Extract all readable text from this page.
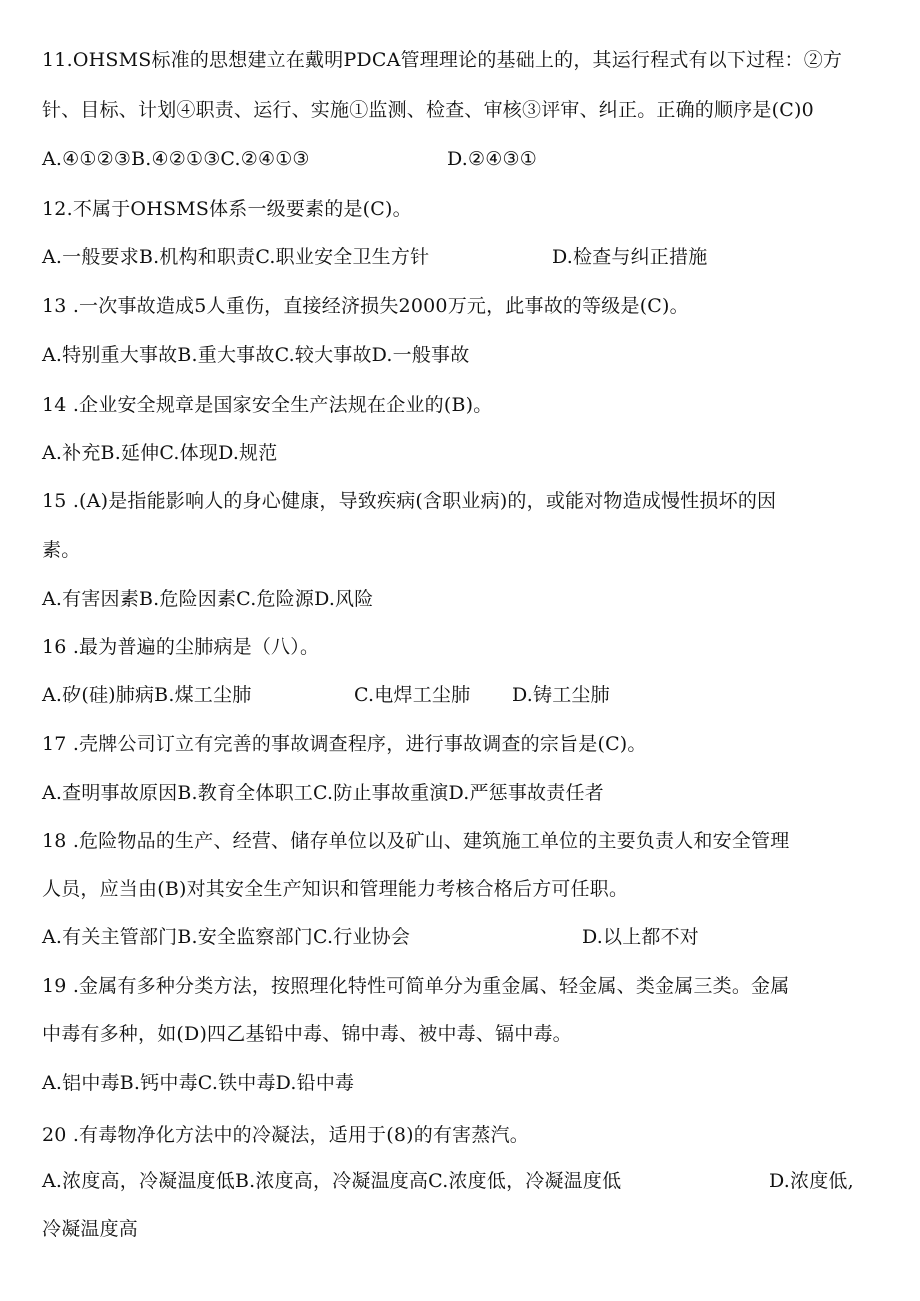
11.OHSMS标准的思想建立在戴明PDCA管理理论的基础上的，其运行程式有以下过程：②方
针、目标、计划④职责、运行、实施①监测、检查、审核③评审、纠正。正确的顺序是(C)0
A.④①②③B.④②①③C.②④①③	D.②④③①
12.不属于OHSMS体系一级要素的是(C)。
A.一般要求B.机构和职责C.职业安全卫生方针	D.检查与纠正措施
13 .一次事故造成5人重伤，直接经济损失2000万元，此事故的等级是(C)。
A.特别重大事故B.重大事故C.较大事故D.一般事故
14 .企业安全规章是国家安全生产法规在企业的(B)。
A.补充B.延伸C.体现D.规范
15 .(A)是指能影响人的身心健康，导致疾病(含职业病)的，或能对物造成慢性损坏的因
素。
A.有害因素B.危险因素C.危险源D.风险
16 .最为普遍的尘肺病是（八）。
A.矽(硅)肺病B.煤工尘肺	C.电焊工尘肺 D.铸工尘肺
17 .壳牌公司订立有完善的事故调查程序，进行事故调查的宗旨是(C)。
A.查明事故原因B.教育全体职工C.防止事故重演D.严惩事故责任者
18 .危险物品的生产、经营、储存单位以及矿山、建筑施工单位的主要负责人和安全管理
人员，应当由(B)对其安全生产知识和管理能力考核合格后方可任职。
A.有关主管部门B.安全监察部门C.行业协会	D.以上都不对
19 .金属有多种分类方法，按照理化特性可简单分为重金属、轻金属、类金属三类。金属
中毒有多种，如(D)四乙基铅中毒、锦中毒、被中毒、镉中毒。
A.铝中毒B.钙中毒C.铁中毒D.铅中毒
20 .有毒物净化方法中的冷凝法，适用于(8)的有害蒸汽。
A.浓度高，冷凝温度低B.浓度高，冷凝温度高C.浓度低，冷凝温度低	D.浓度低,
冷凝温度高
